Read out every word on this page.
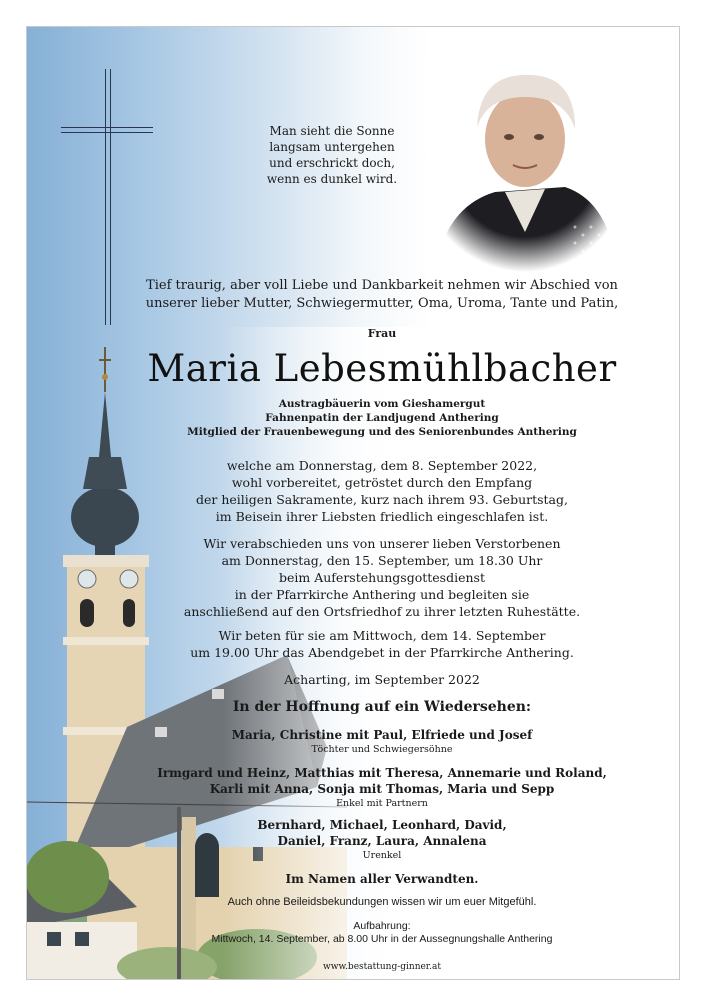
Man sieht die Sonne
langsam untergehen
und erschrickt doch,
wenn es dunkel wird.
Tief traurig, aber voll Liebe und Dankbarkeit nehmen wir Abschied von
unserer lieber Mutter, Schwiegermutter, Oma, Uroma, Tante und Patin,
Frau
Maria Lebesmühlbacher
Austragbäuerin vom Gieshamergut
Fahnenpatin der Landjugend Anthering
Mitglied der Frauenbewegung und des Seniorenbundes Anthering
welche am Donnerstag, dem 8. September 2022,
wohl vorbereitet, getröstet durch den Empfang
der heiligen Sakramente, kurz nach ihrem 93. Geburtstag,
im Beisein ihrer Liebsten friedlich eingeschlafen ist.
Wir verabschieden uns von unserer lieben Verstorbenen
am Donnerstag, den 15. September, um 18.30 Uhr
beim Auferstehungsgottesdienst
in der Pfarrkirche Anthering und begleiten sie
anschließend auf den Ortsfriedhof zu ihrer letzten Ruhestätte.
Wir beten für sie am Mittwoch, dem 14. September
um 19.00 Uhr das Abendgebet in der Pfarrkirche Anthering.
Acharting, im September 2022
In der Hoffnung auf ein Wiedersehen:
Maria, Christine mit Paul, Elfriede und Josef
Töchter und Schwiegersöhne
Irmgard und Heinz, Matthias mit Theresa, Annemarie und Roland,
Karli mit Anna, Sonja mit Thomas, Maria und Sepp
Enkel mit Partnern
Bernhard, Michael, Leonhard, David,
Daniel, Franz, Laura, Annalena
Urenkel
Im Namen aller Verwandten.
Auch ohne Beileidsbekundungen wissen wir um euer Mitgefühl.
Aufbahrung:
Mittwoch, 14. September, ab 8.00 Uhr in der Aussegnungshalle Anthering
www.bestattung-ginner.at
